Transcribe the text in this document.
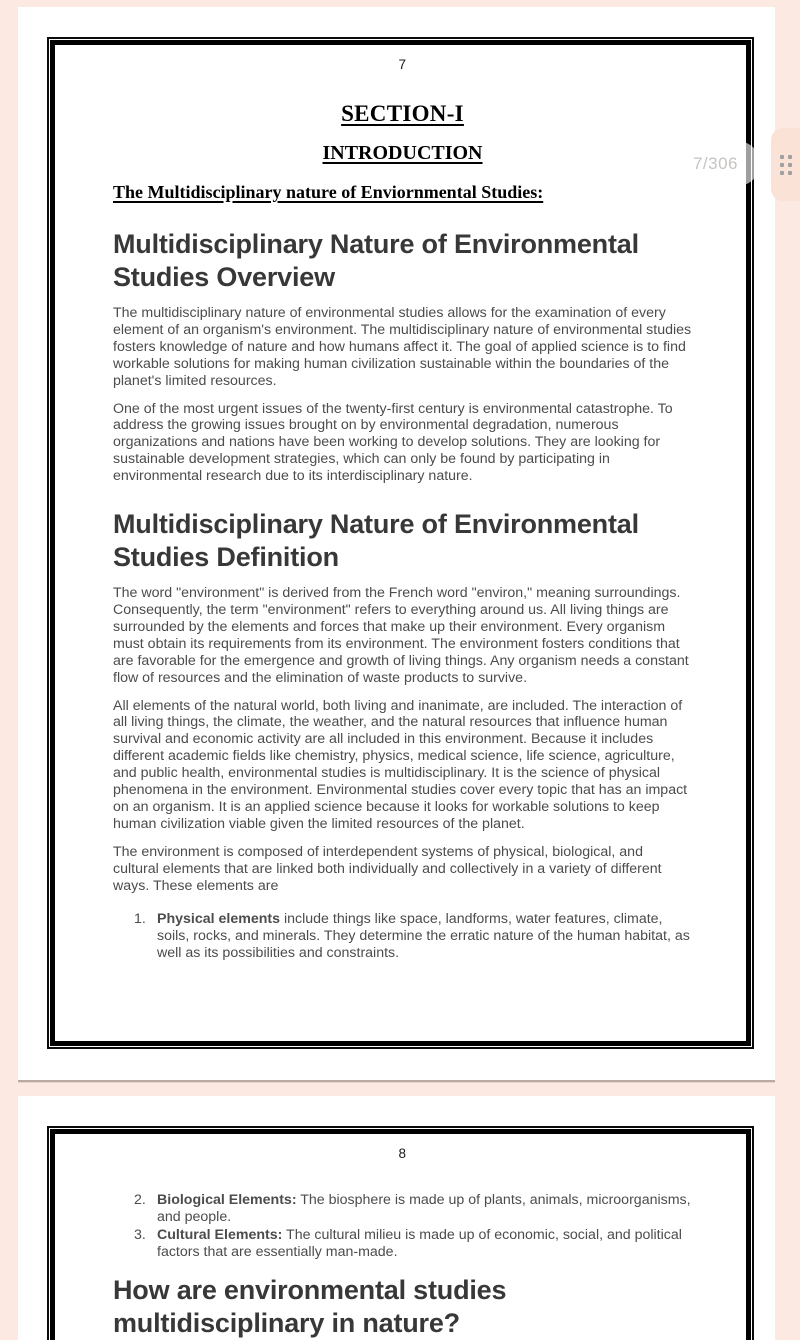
7
SECTION-I
INTRODUCTION
The Multidisciplinary nature of Enviornmental Studies:
Multidisciplinary Nature of Environmental Studies Overview

The multidisciplinary nature of environmental studies allows for the examination of every element of an organism's environment. The multidisciplinary nature of environmental studies fosters knowledge of nature and how humans affect it. The goal of applied science is to find workable solutions for making human civilization sustainable within the boundaries of the planet's limited resources.

One of the most urgent issues of the twenty-first century is environmental catastrophe. To address the growing issues brought on by environmental degradation, numerous organizations and nations have been working to develop solutions. They are looking for sustainable development strategies, which can only be found by participating in environmental research due to its interdisciplinary nature.

Multidisciplinary Nature of Environmental Studies Definition

The word "environment" is derived from the French word "environ," meaning surroundings. Consequently, the term "environment" refers to everything around us. All living things are surrounded by the elements and forces that make up their environment. Every organism must obtain its requirements from its environment. The environment fosters conditions that are favorable for the emergence and growth of living things. Any organism needs a constant flow of resources and the elimination of waste products to survive.

All elements of the natural world, both living and inanimate, are included. The interaction of all living things, the climate, the weather, and the natural resources that influence human survival and economic activity are all included in this environment. Because it includes different academic fields like chemistry, physics, medical science, life science, agriculture, and public health, environmental studies is multidisciplinary. It is the science of physical phenomena in the environment. Environmental studies cover every topic that has an impact on an organism. It is an applied science because it looks for workable solutions to keep human civilization viable given the limited resources of the planet.

The environment is composed of interdependent systems of physical, biological, and cultural elements that are linked both individually and collectively in a variety of different ways. These elements are

1. Physical elements include things like space, landforms, water features, climate, soils, rocks, and minerals. They determine the erratic nature of the human habitat, as well as its possibilities and constraints.
8
2. Biological Elements: The biosphere is made up of plants, animals, microorganisms, and people.
3. Cultural Elements: The cultural milieu is made up of economic, social, and political factors that are essentially man-made.
How are environmental studies multidisciplinary in nature?
7/306
